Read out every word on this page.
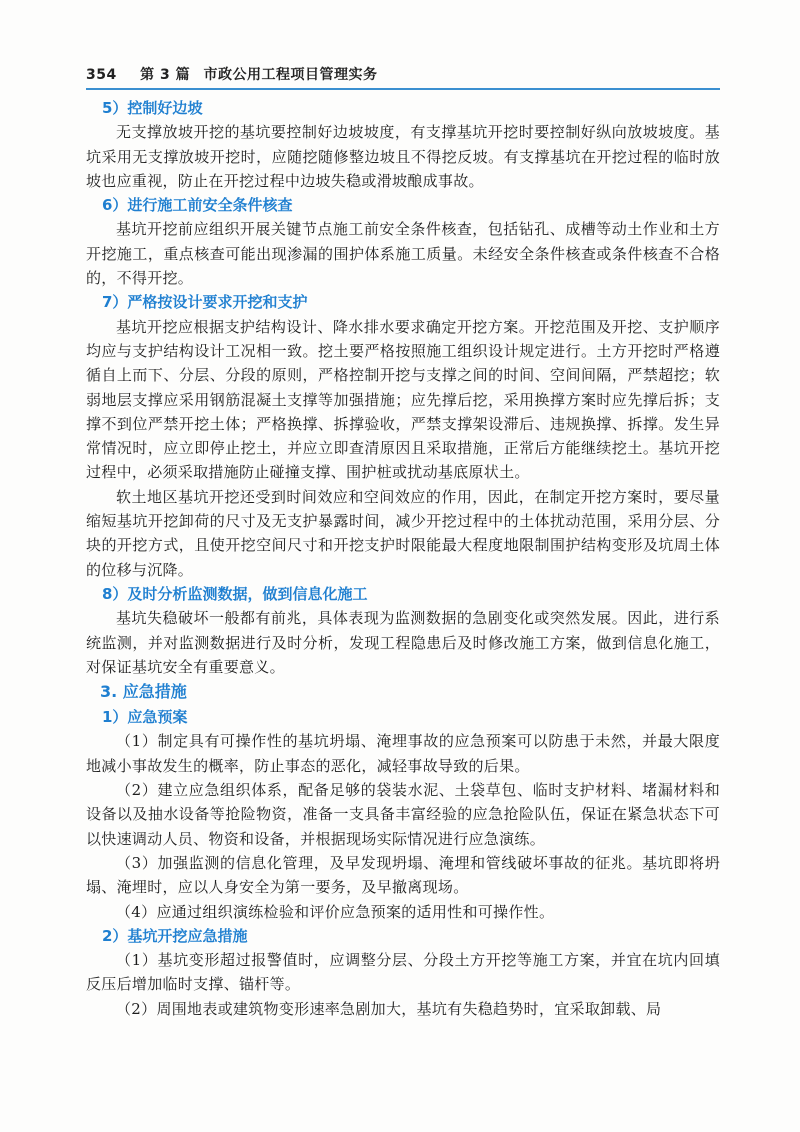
354 第 3 篇 市政公用工程项目管理实务
5）控制好边坡

无支撑放坡开挖的基坑要控制好边坡坡度，有支撑基坑开挖时要控制好纵向放坡坡度。基坑采用无支撑放坡开挖时，应随挖随修整边坡且不得挖反坡。有支撑基坑在开挖过程的临时放坡也应重视，防止在开挖过程中边坡失稳或滑坡酿成事故。

6）进行施工前安全条件核查

基坑开挖前应组织开展关键节点施工前安全条件核查，包括钻孔、成槽等动土作业和土方开挖施工，重点核查可能出现渗漏的围护体系施工质量。未经安全条件核查或条件核查不合格的，不得开挖。

7）严格按设计要求开挖和支护

基坑开挖应根据支护结构设计、降水排水要求确定开挖方案。开挖范围及开挖、支护顺序均应与支护结构设计工况相一致。挖土要严格按照施工组织设计规定进行。土方开挖时严格遵循自上而下、分层、分段的原则，严格控制开挖与支撑之间的时间、空间间隔，严禁超挖；软弱地层支撑应采用钢筋混凝土支撑等加强措施；应先撑后挖，采用换撑方案时应先撑后拆；支撑不到位严禁开挖土体；严格换撑、拆撑验收，严禁支撑架设滞后、违规换撑、拆撑。发生异常情况时，应立即停止挖土，并应立即查清原因且采取措施，正常后方能继续挖土。基坑开挖过程中，必须采取措施防止碰撞支撑、围护桩或扰动基底原状土。

软土地区基坑开挖还受到时间效应和空间效应的作用，因此，在制定开挖方案时，要尽量缩短基坑开挖卸荷的尺寸及无支护暴露时间，减少开挖过程中的土体扰动范围，采用分层、分块的开挖方式，且使开挖空间尺寸和开挖支护时限能最大程度地限制围护结构变形及坑周土体的位移与沉降。

8）及时分析监测数据，做到信息化施工

基坑失稳破坏一般都有前兆，具体表现为监测数据的急剧变化或突然发展。因此，进行系统监测，并对监测数据进行及时分析，发现工程隐患后及时修改施工方案，做到信息化施工，对保证基坑安全有重要意义。

3. 应急措施
1）应急预案

（1）制定具有可操作性的基坑坍塌、淹埋事故的应急预案可以防患于未然，并最大限度地减小事故发生的概率，防止事态的恶化，减轻事故导致的后果。

（2）建立应急组织体系，配备足够的袋装水泥、土袋草包、临时支护材料、堵漏材料和设备以及抽水设备等抢险物资，准备一支具备丰富经验的应急抢险队伍，保证在紧急状态下可以快速调动人员、物资和设备，并根据现场实际情况进行应急演练。

（3）加强监测的信息化管理，及早发现坍塌、淹埋和管线破坏事故的征兆。基坑即将坍塌、淹埋时，应以人身安全为第一要务，及早撤离现场。

（4）应通过组织演练检验和评价应急预案的适用性和可操作性。

2）基坑开挖应急措施

（1）基坑变形超过报警值时，应调整分层、分段土方开挖等施工方案，并宜在坑内回填反压后增加临时支撑、锚杆等。

（2）周围地表或建筑物变形速率急剧加大，基坑有失稳趋势时，宜采取卸载、局
